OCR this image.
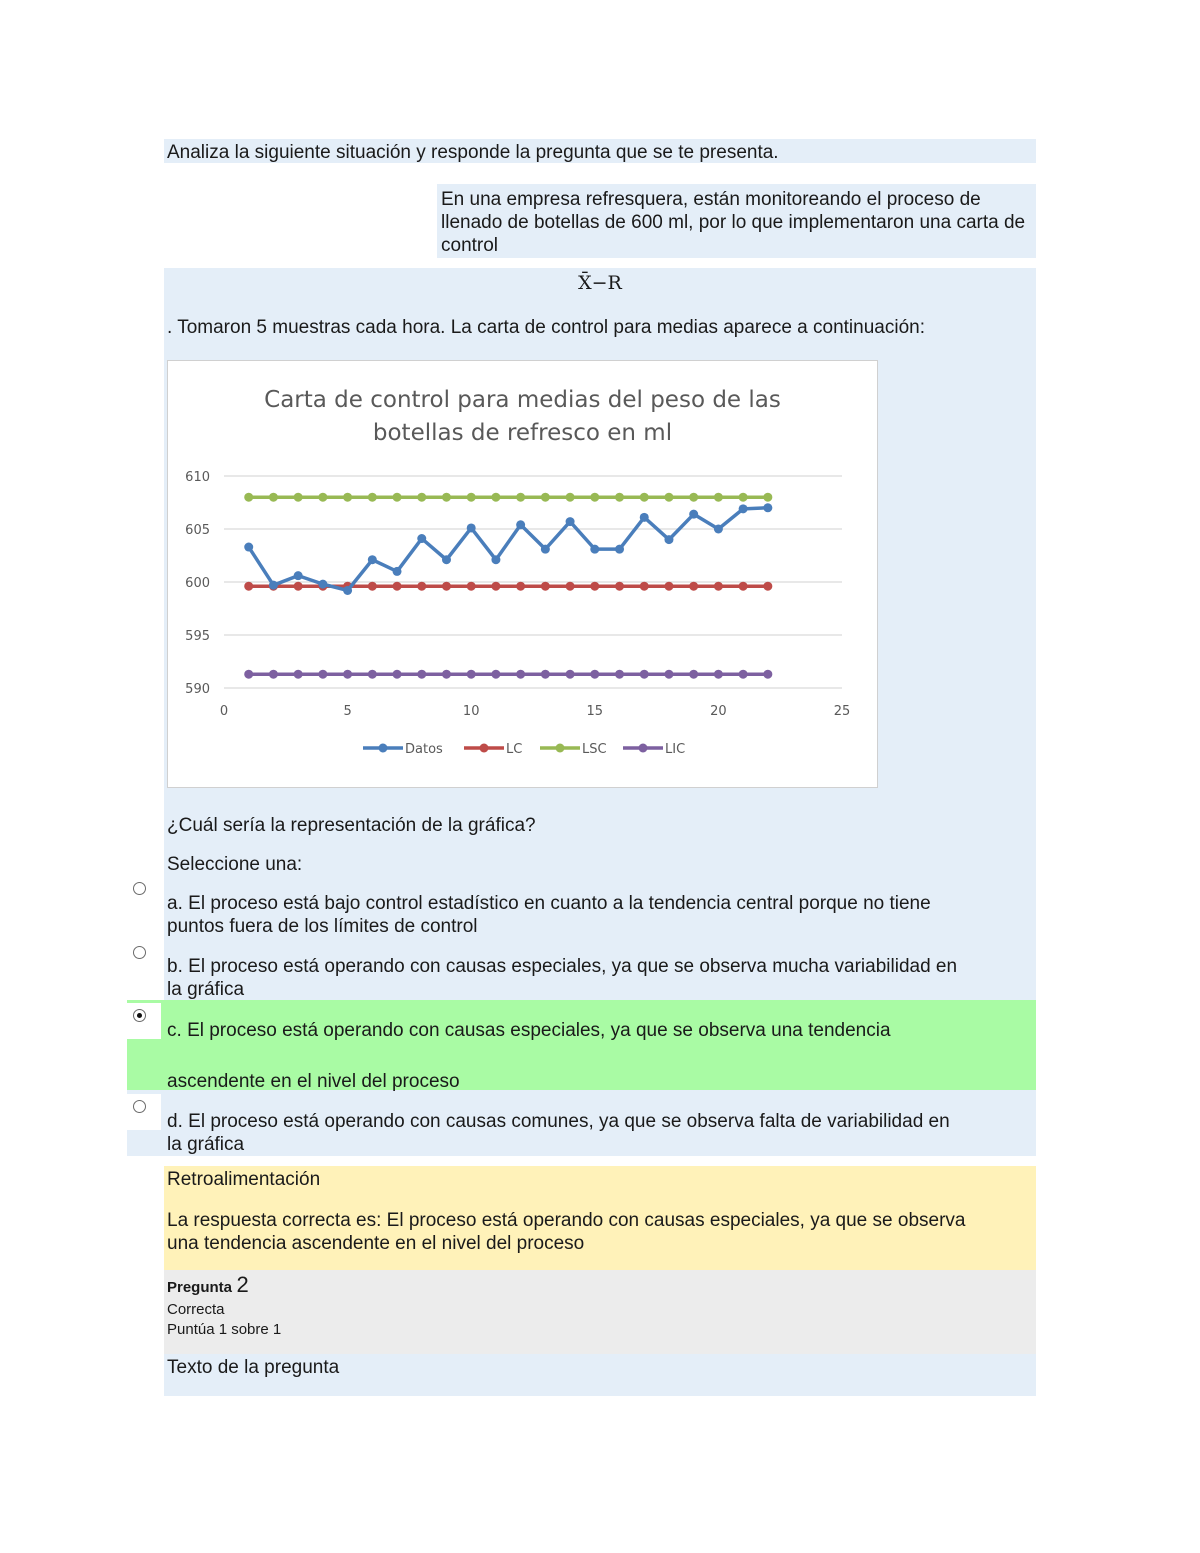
Analiza la siguiente situación y responde la pregunta que se te presenta.
En una empresa refresquera, están monitoreando el proceso de llenado de botellas de 600 ml, por lo que implementaron una carta de control
X̄−R
. Tomaron 5 muestras cada hora. La carta de control para medias aparece a continuación:
Carta de control para medias del peso de las
botellas de refresco en ml
610
605
600
595
590
0	5	10	15	20	25
Datos	LC	LSC	LIC
¿Cuál sería la representación de la gráfica?
Seleccione una:
a. El proceso está bajo control estadístico en cuanto a la tendencia central porque no tiene
puntos fuera de los límites de control
b. El proceso está operando con causas especiales, ya que se observa mucha variabilidad en
la gráfica
c. El proceso está operando con causas especiales, ya que se observa una tendencia
ascendente en el nivel del proceso
d. El proceso está operando con causas comunes, ya que se observa falta de variabilidad en
la gráfica
Retroalimentación
La respuesta correcta es: El proceso está operando con causas especiales, ya que se observa
una tendencia ascendente en el nivel del proceso
Pregunta 2
Correcta
Puntúa 1 sobre 1
Texto de la pregunta
